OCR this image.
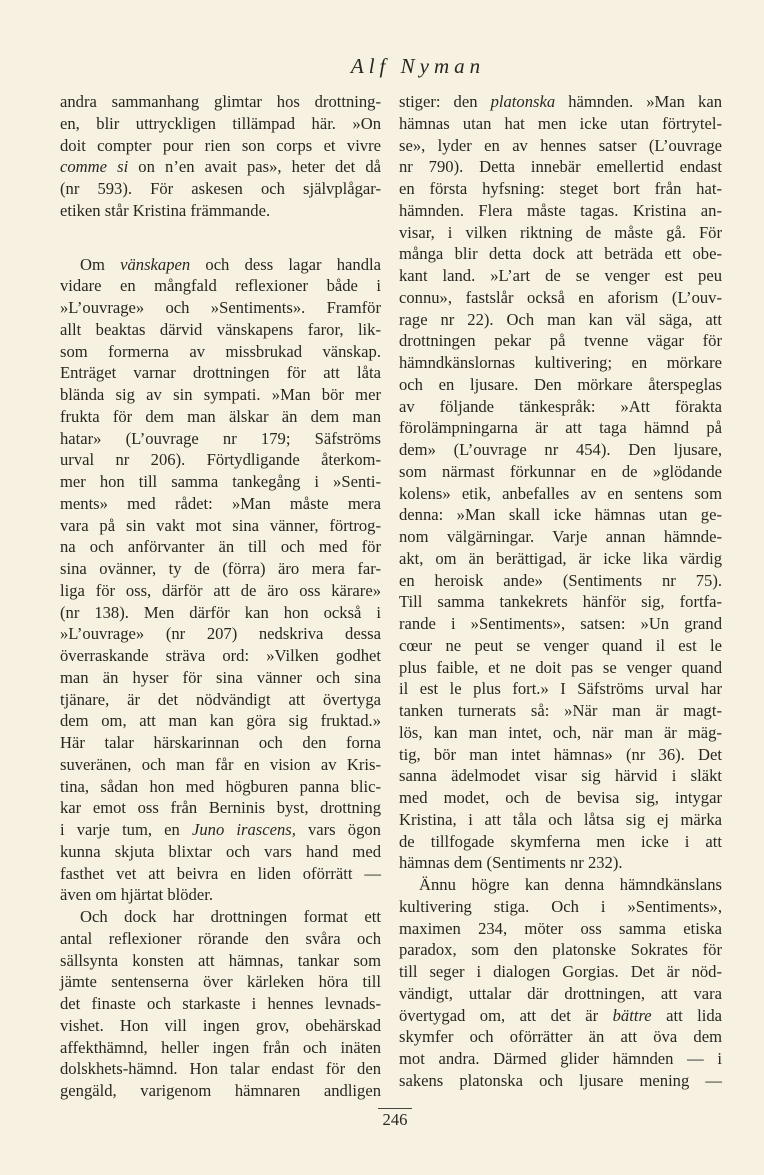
Alf Nyman
andra sammanhang glimtar hos drottning-
en, blir uttryckligen tillämpad här. »On
doit compter pour rien son corps et vivre
comme si on n’en avait pas», heter det då
(nr 593). För askesen och självplågar-
etiken står Kristina främmande.
Om vänskapen och dess lagar handla
vidare en mångfald reflexioner både i
»L’ouvrage» och »Sentiments». Framför
allt beaktas därvid vänskapens faror, lik-
som formerna av missbrukad vänskap.
Enträget varnar drottningen för att låta
blända sig av sin sympati. »Man bör mer
frukta för dem man älskar än dem man
hatar» (L’ouvrage nr 179; Säfströms
urval nr 206). Förtydligande återkom-
mer hon till samma tankegång i »Senti-
ments» med rådet: »Man måste mera
vara på sin vakt mot sina vänner, förtrog-
na och anförvanter än till och med för
sina ovänner, ty de (förra) äro mera far-
liga för oss, därför att de äro oss kärare»
(nr 138). Men därför kan hon också i
»L’ouvrage» (nr 207) nedskriva dessa
överraskande sträva ord: »Vilken godhet
man än hyser för sina vänner och sina
tjänare, är det nödvändigt att övertyga
dem om, att man kan göra sig fruktad.»
Här talar härskarinnan och den forna
suveränen, och man får en vision av Kris-
tina, sådan hon med högburen panna blic-
kar emot oss från Berninis byst, drottning
i varje tum, en Juno irascens, vars ögon
kunna skjuta blixtar och vars hand med
fasthet vet att beivra en liden oförrätt —
även om hjärtat blöder.
Och dock har drottningen format ett
antal reflexioner rörande den svåra och
sällsynta konsten att hämnas, tankar som
jämte sentenserna över kärleken höra till
det finaste och starkaste i hennes levnads-
vishet. Hon vill ingen grov, obehärskad
affekthämnd, heller ingen från och inäten
dolskhets-hämnd. Hon talar endast för den
gengäld, varigenom hämnaren andligen
stiger: den platonska hämnden. »Man kan
hämnas utan hat men icke utan förtrytel-
se», lyder en av hennes satser (L’ouvrage
nr 790). Detta innebär emellertid endast
en första hyfsning: steget bort från hat-
hämnden. Flera måste tagas. Kristina an-
visar, i vilken riktning de måste gå. För
många blir detta dock att beträda ett obe-
kant land. »L’art de se venger est peu
connu», fastslår också en aforism (L’ouv-
rage nr 22). Och man kan väl säga, att
drottningen pekar på tvenne vägar för
hämndkänslornas kultivering; en mörkare
och en ljusare. Den mörkare återspeglas
av följande tänkespråk: »Att förakta
förolämpningarna är att taga hämnd på
dem» (L’ouvrage nr 454). Den ljusare,
som närmast förkunnar en de »glödande
kolens» etik, anbefalles av en sentens som
denna: »Man skall icke hämnas utan ge-
nom välgärningar. Varje annan hämnde-
akt, om än berättigad, är icke lika värdig
en heroisk ande» (Sentiments nr 75).
Till samma tankekrets hänför sig, fortfa-
rande i »Sentiments», satsen: »Un grand
cœur ne peut se venger quand il est le
plus faible, et ne doit pas se venger quand
il est le plus fort.» I Säfströms urval har
tanken turnerats så: »När man är magt-
lös, kan man intet, och, när man är mäg-
tig, bör man intet hämnas» (nr 36). Det
sanna ädelmodet visar sig härvid i släkt
med modet, och de bevisa sig, intygar
Kristina, i att tåla och låtsa sig ej märka
de tillfogade skymferna men icke i att
hämnas dem (Sentiments nr 232).
Ännu högre kan denna hämndkänslans
kultivering stiga. Och i »Sentiments»,
maximen 234, möter oss samma etiska
paradox, som den platonske Sokrates för
till seger i dialogen Gorgias. Det är nöd-
vändigt, uttalar där drottningen, att vara
övertygad om, att det är bättre att lida
skymfer och oförrätter än att öva dem
mot andra. Därmed glider hämnden — i
sakens platonska och ljusare mening —
246
